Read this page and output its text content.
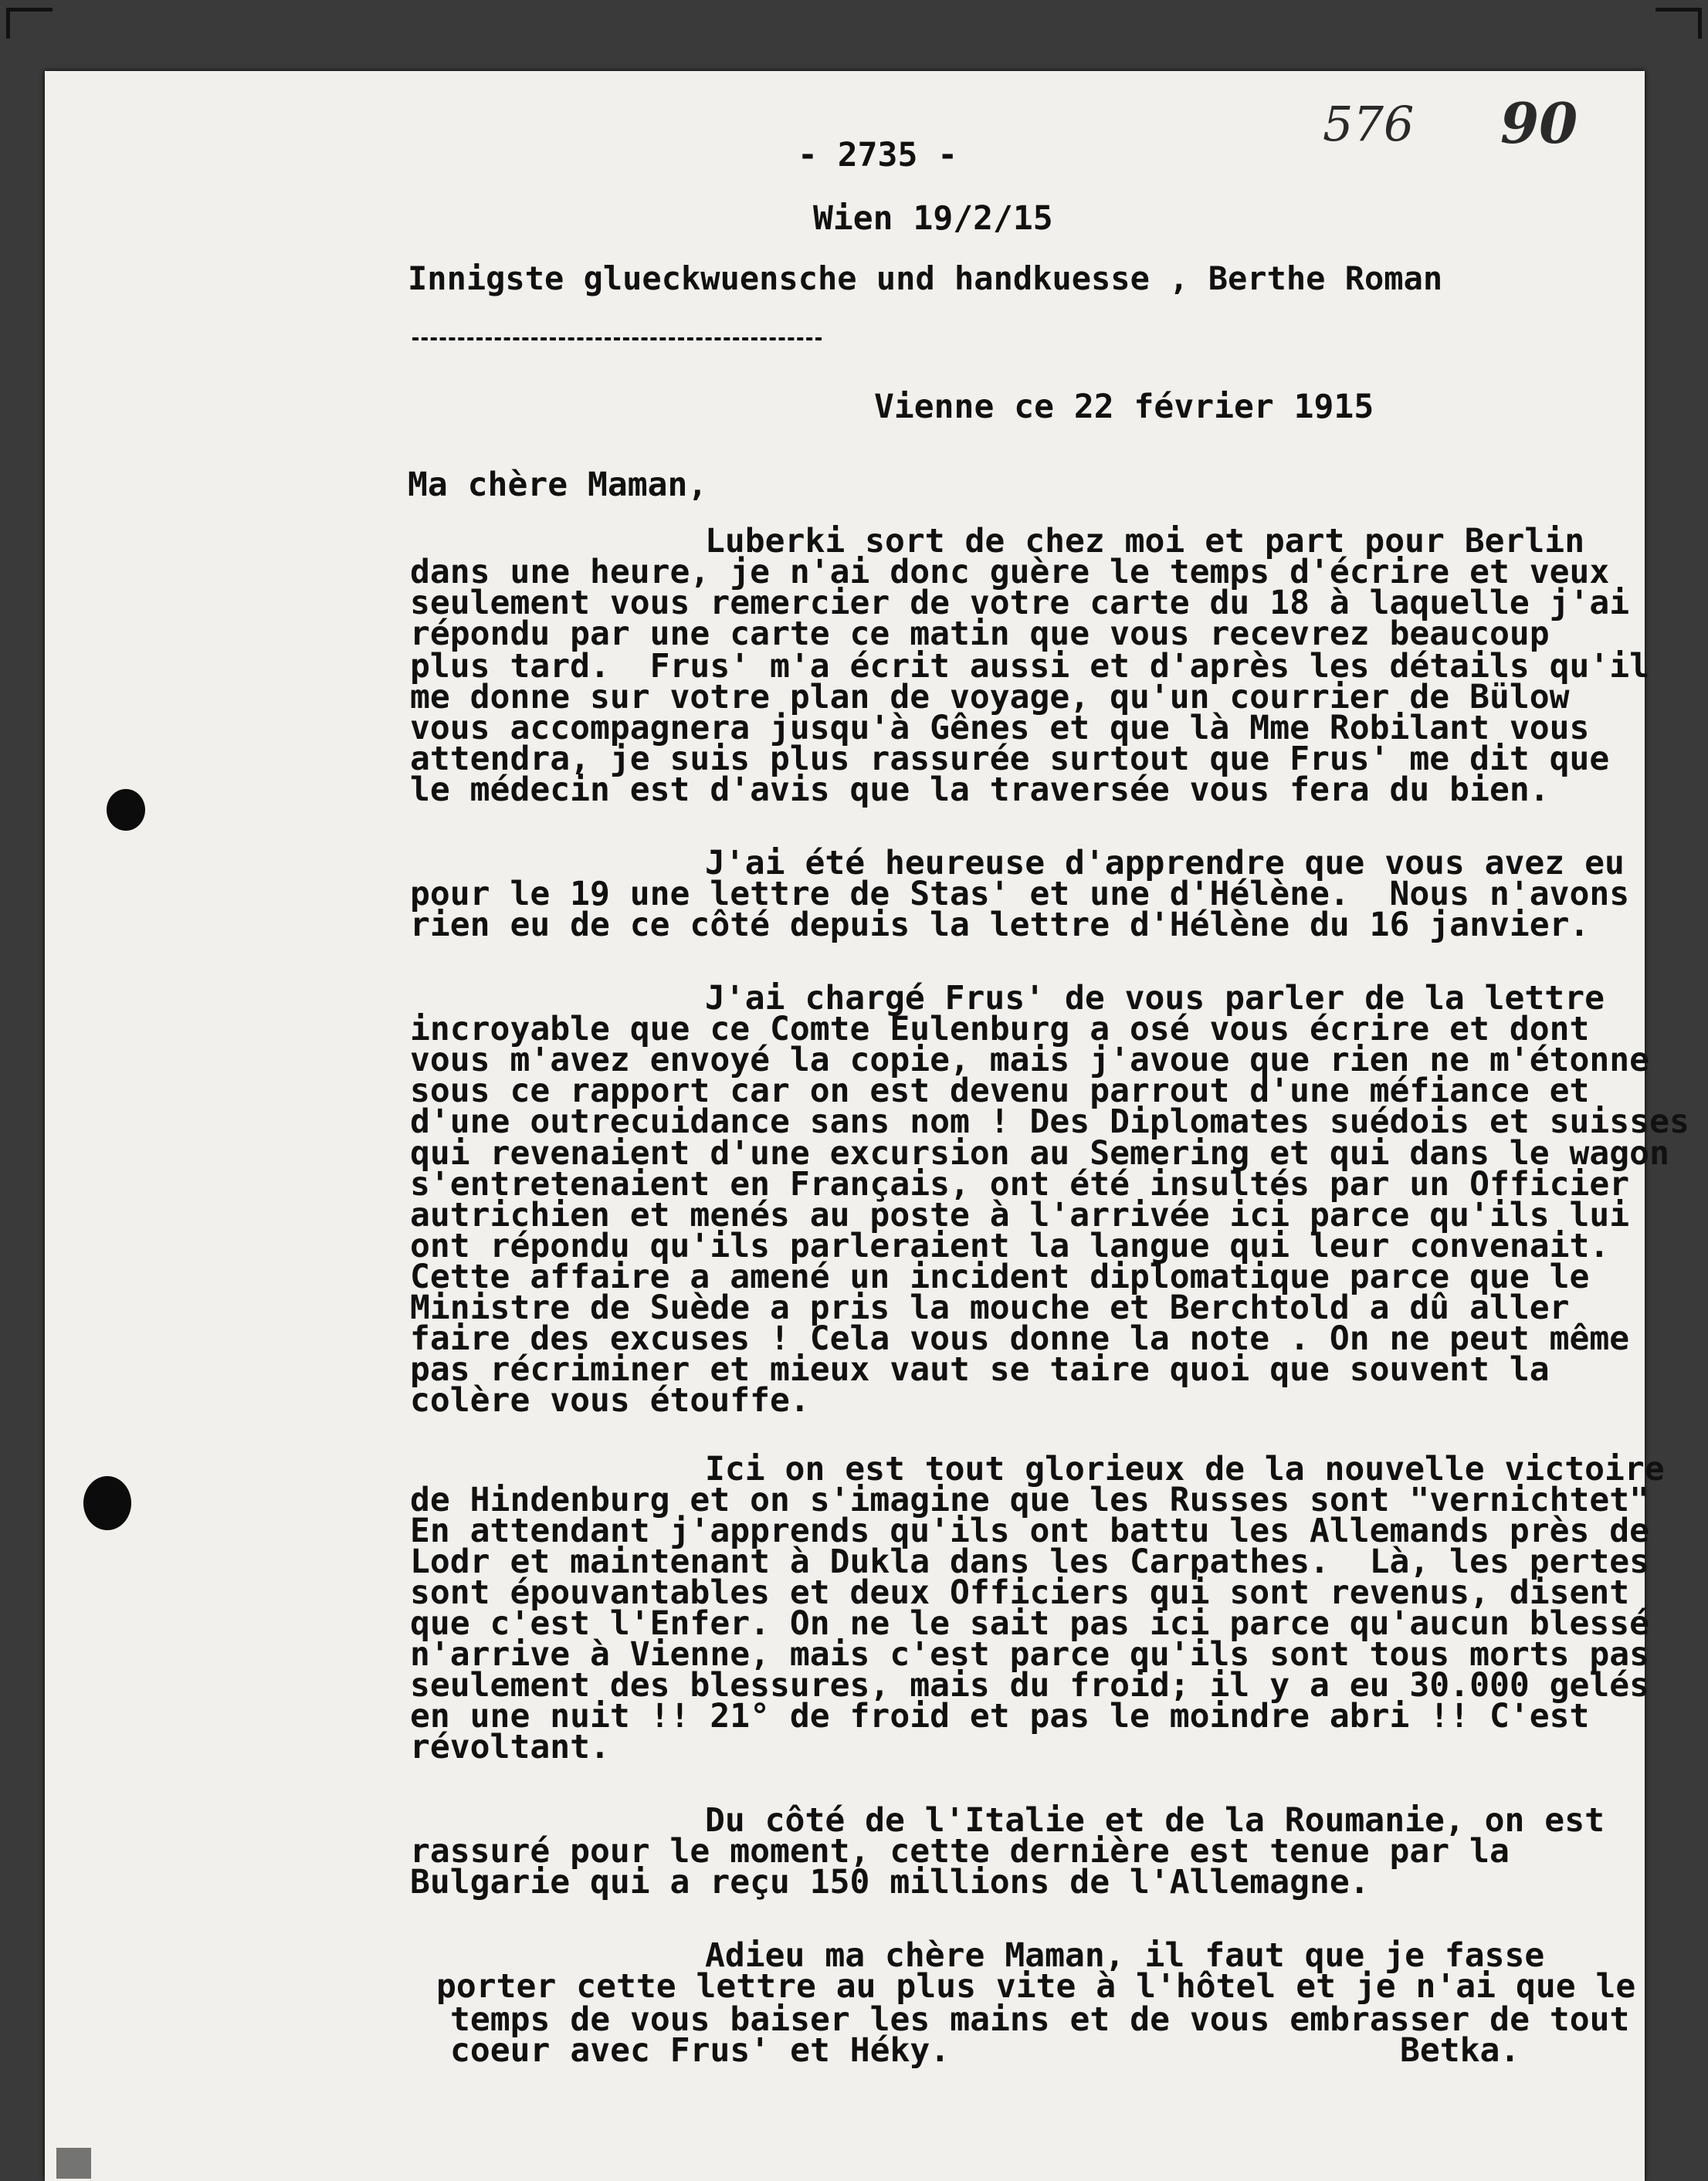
576 90
- 2735 -
Wien 19/2/15
Innigste glueckwuensche und handkuesse , Berthe Roman
Vienne ce 22 février 1915
Ma chère Maman,
Luberki sort de chez moi et part pour Berlin
dans une heure, je n'ai donc guère le temps d'écrire et veux
seulement vous remercier de votre carte du 18 à laquelle j'ai
répondu par une carte ce matin que vous recevrez beaucoup
plus tard.  Frus' m'a écrit aussi et d'après les détails qu'il
me donne sur votre plan de voyage, qu'un courrier de Bülow
vous accompagnera jusqu'à Gênes et que là Mme Robilant vous
attendra, je suis plus rassurée surtout que Frus' me dit que
le médecin est d'avis que la traversée vous fera du bien.
J'ai été heureuse d'apprendre que vous avez eu
pour le 19 une lettre de Stas' et une d'Hélène.  Nous n'avons
rien eu de ce côté depuis la lettre d'Hélène du 16 janvier.
J'ai chargé Frus' de vous parler de la lettre
incroyable que ce Comte Eulenburg a osé vous écrire et dont
vous m'avez envoyé la copie, mais j'avoue que rien ne m'étonne
sous ce rapport car on est devenu parrout d'une méfiance et
d'une outrecuidance sans nom ! Des Diplomates suédois et suisses
qui revenaient d'une excursion au Semering et qui dans le wagon
s'entretenaient en Français, ont été insultés par un Officier
autrichien et menés au poste à l'arrivée ici parce qu'ils lui
ont répondu qu'ils parleraient la langue qui leur convenait.
Cette affaire a amené un incident diplomatique parce que le
Ministre de Suède a pris la mouche et Berchtold a dû aller
faire des excuses ! Cela vous donne la note . On ne peut même
pas récriminer et mieux vaut se taire quoi que souvent la
colère vous étouffe.
Ici on est tout glorieux de la nouvelle victoire
de Hindenburg et on s'imagine que les Russes sont "vernichtet"
En attendant j'apprends qu'ils ont battu les Allemands près de
Lodr et maintenant à Dukla dans les Carpathes.  Là, les pertes
sont épouvantables et deux Officiers qui sont revenus, disent
que c'est l'Enfer. On ne le sait pas ici parce qu'aucun blessé
n'arrive à Vienne, mais c'est parce qu'ils sont tous morts pas
seulement des blessures, mais du froid; il y a eu 30.000 gelés
en une nuit !! 21° de froid et pas le moindre abri !! C'est
révoltant.
Du côté de l'Italie et de la Roumanie, on est
rassuré pour le moment, cette dernière est tenue par la
Bulgarie qui a reçu 150 millions de l'Allemagne.
Adieu ma chère Maman, il faut que je fasse
porter cette lettre au plus vite à l'hôtel et je n'ai que le
temps de vous baiser les mains et de vous embrasser de tout
coeur avec Frus' et Héky.	Betka.
